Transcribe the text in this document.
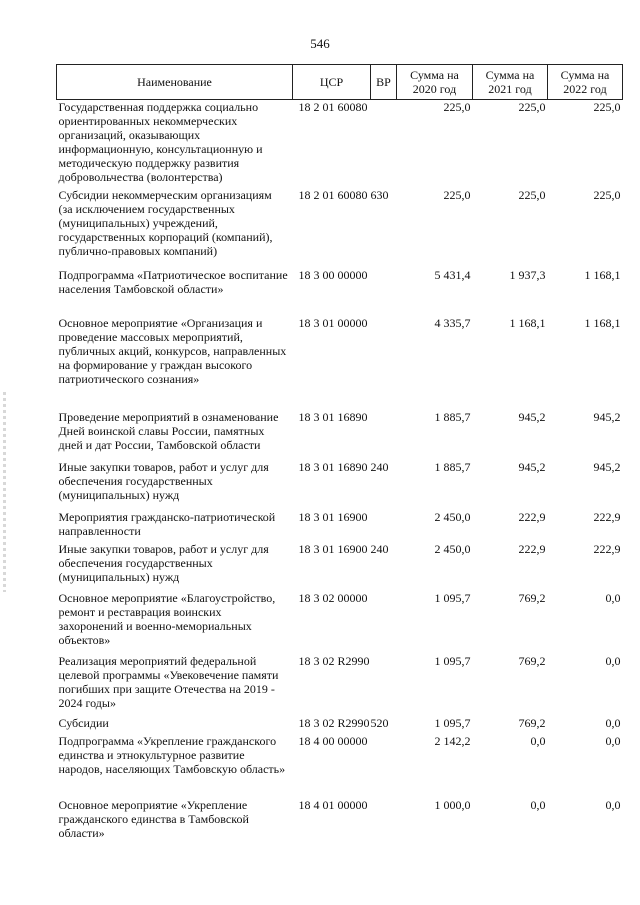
546
Наименование	ЦСР	ВР	Сумма на 2020 год	Сумма на 2021 год	Сумма на 2022 год
Государственная поддержка социально ориентированных некоммерческих организаций, оказывающих информационную, консультационную и методическую поддержку развития добровольчества (волонтерства)	18 2 01 60080		225,0	225,0	225,0
Субсидии некоммерческим организациям (за исключением государственных (муниципальных) учреждений, государственных корпораций (компаний), публично-правовых компаний)	18 2 01 60080	630	225,0	225,0	225,0
Подпрограмма «Патриотическое воспитание населения Тамбовской области»	18 3 00 00000		5 431,4	1 937,3	1 168,1
Основное мероприятие «Организация и проведение массовых мероприятий, публичных акций, конкурсов, направленных на формирование у граждан высокого патриотического сознания»	18 3 01 00000		4 335,7	1 168,1	1 168,1
Проведение мероприятий в ознаменование Дней воинской славы России, памятных дней и дат России, Тамбовской области	18 3 01 16890		1 885,7	945,2	945,2
Иные закупки товаров, работ и услуг для обеспечения государственных (муниципальных) нужд	18 3 01 16890	240	1 885,7	945,2	945,2
Мероприятия гражданско-патриотической направленности	18 3 01 16900		2 450,0	222,9	222,9
Иные закупки товаров, работ и услуг для обеспечения государственных (муниципальных) нужд	18 3 01 16900	240	2 450,0	222,9	222,9
Основное мероприятие «Благоустройство, ремонт и реставрация воинских захоронений и военно-мемориальных объектов»	18 3 02 00000		1 095,7	769,2	0,0
Реализация мероприятий федеральной целевой программы «Увековечение памяти погибших при защите Отечества на 2019 - 2024 годы»	18 3 02 R2990		1 095,7	769,2	0,0
Субсидии	18 3 02 R2990	520	1 095,7	769,2	0,0
Подпрограмма «Укрепление гражданского единства и этнокультурное развитие народов, населяющих Тамбовскую область»	18 4 00 00000		2 142,2	0,0	0,0
Основное мероприятие «Укрепление гражданского единства в Тамбовской области»	18 4 01 00000		1 000,0	0,0	0,0
